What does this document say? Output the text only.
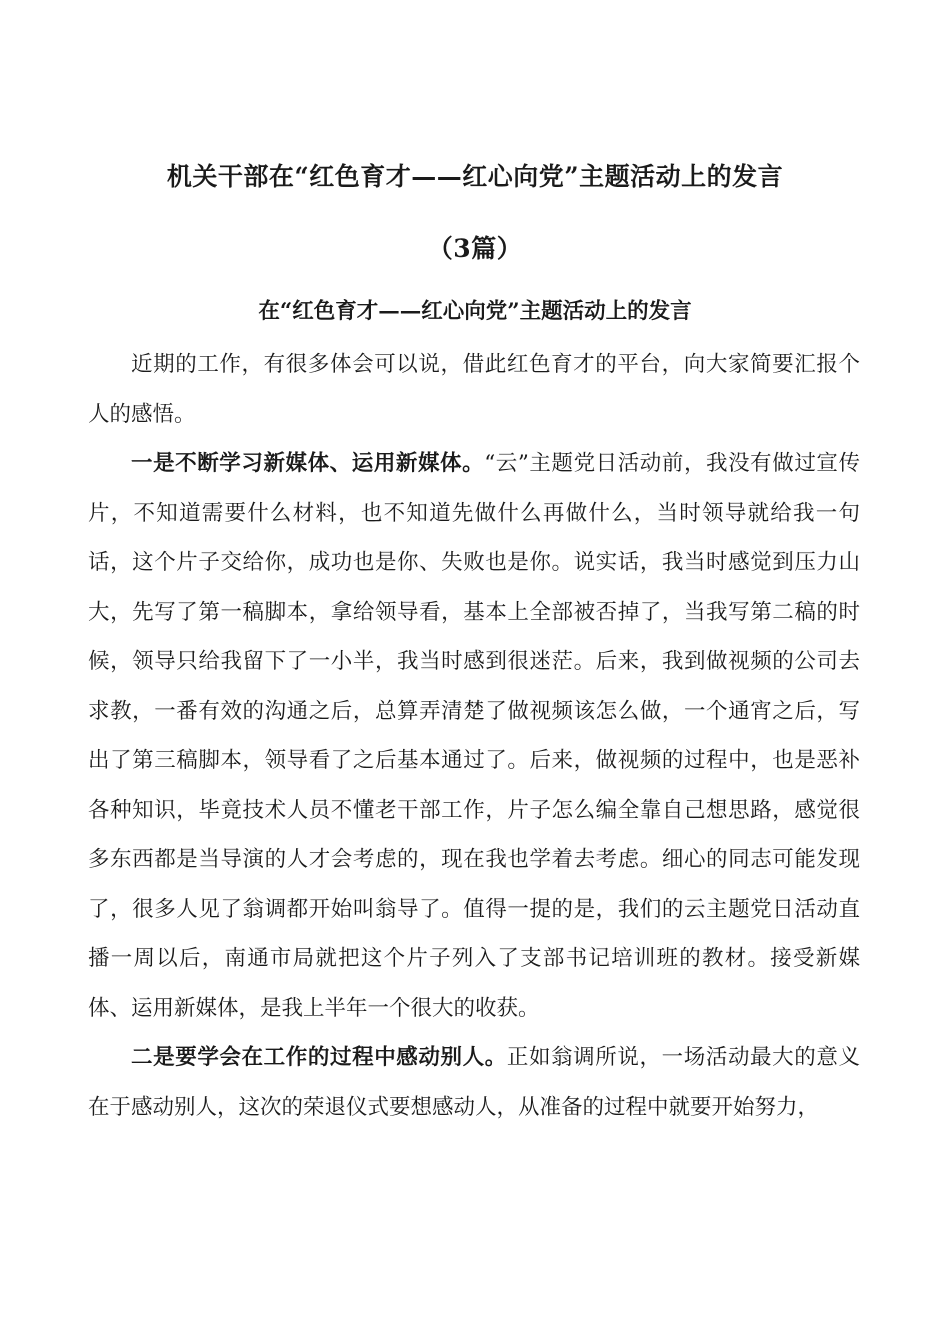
机关干部在“红色育才——红心向党”主题活动上的发言
（3篇）
在“红色育才——红心向党”主题活动上的发言

近期的工作，有很多体会可以说，借此红色育才的平台，向大家简要汇报个人的感悟。

一是不断学习新媒体、运用新媒体。“云”主题党日活动前，我没有做过宣传片，不知道需要什么材料，也不知道先做什么再做什么，当时领导就给我一句话，这个片子交给你，成功也是你、失败也是你。说实话，我当时感觉到压力山大，先写了第一稿脚本，拿给领导看，基本上全部被否掉了，当我写第二稿的时候，领导只给我留下了一小半，我当时感到很迷茫。后来，我到做视频的公司去求教，一番有效的沟通之后，总算弄清楚了做视频该怎么做，一个通宵之后，写出了第三稿脚本，领导看了之后基本通过了。后来，做视频的过程中，也是恶补各种知识，毕竟技术人员不懂老干部工作，片子怎么编全靠自己想思路，感觉很多东西都是当导演的人才会考虑的，现在我也学着去考虑。细心的同志可能发现了，很多人见了翁调都开始叫翁导了。值得一提的是，我们的云主题党日活动直播一周以后，南通市局就把这个片子列入了支部书记培训班的教材。接受新媒体、运用新媒体，是我上半年一个很大的收获。

二是要学会在工作的过程中感动别人。正如翁调所说，一场活动最大的意义在于感动别人，这次的荣退仪式要想感动人，从准备的过程中就要开始努力，
